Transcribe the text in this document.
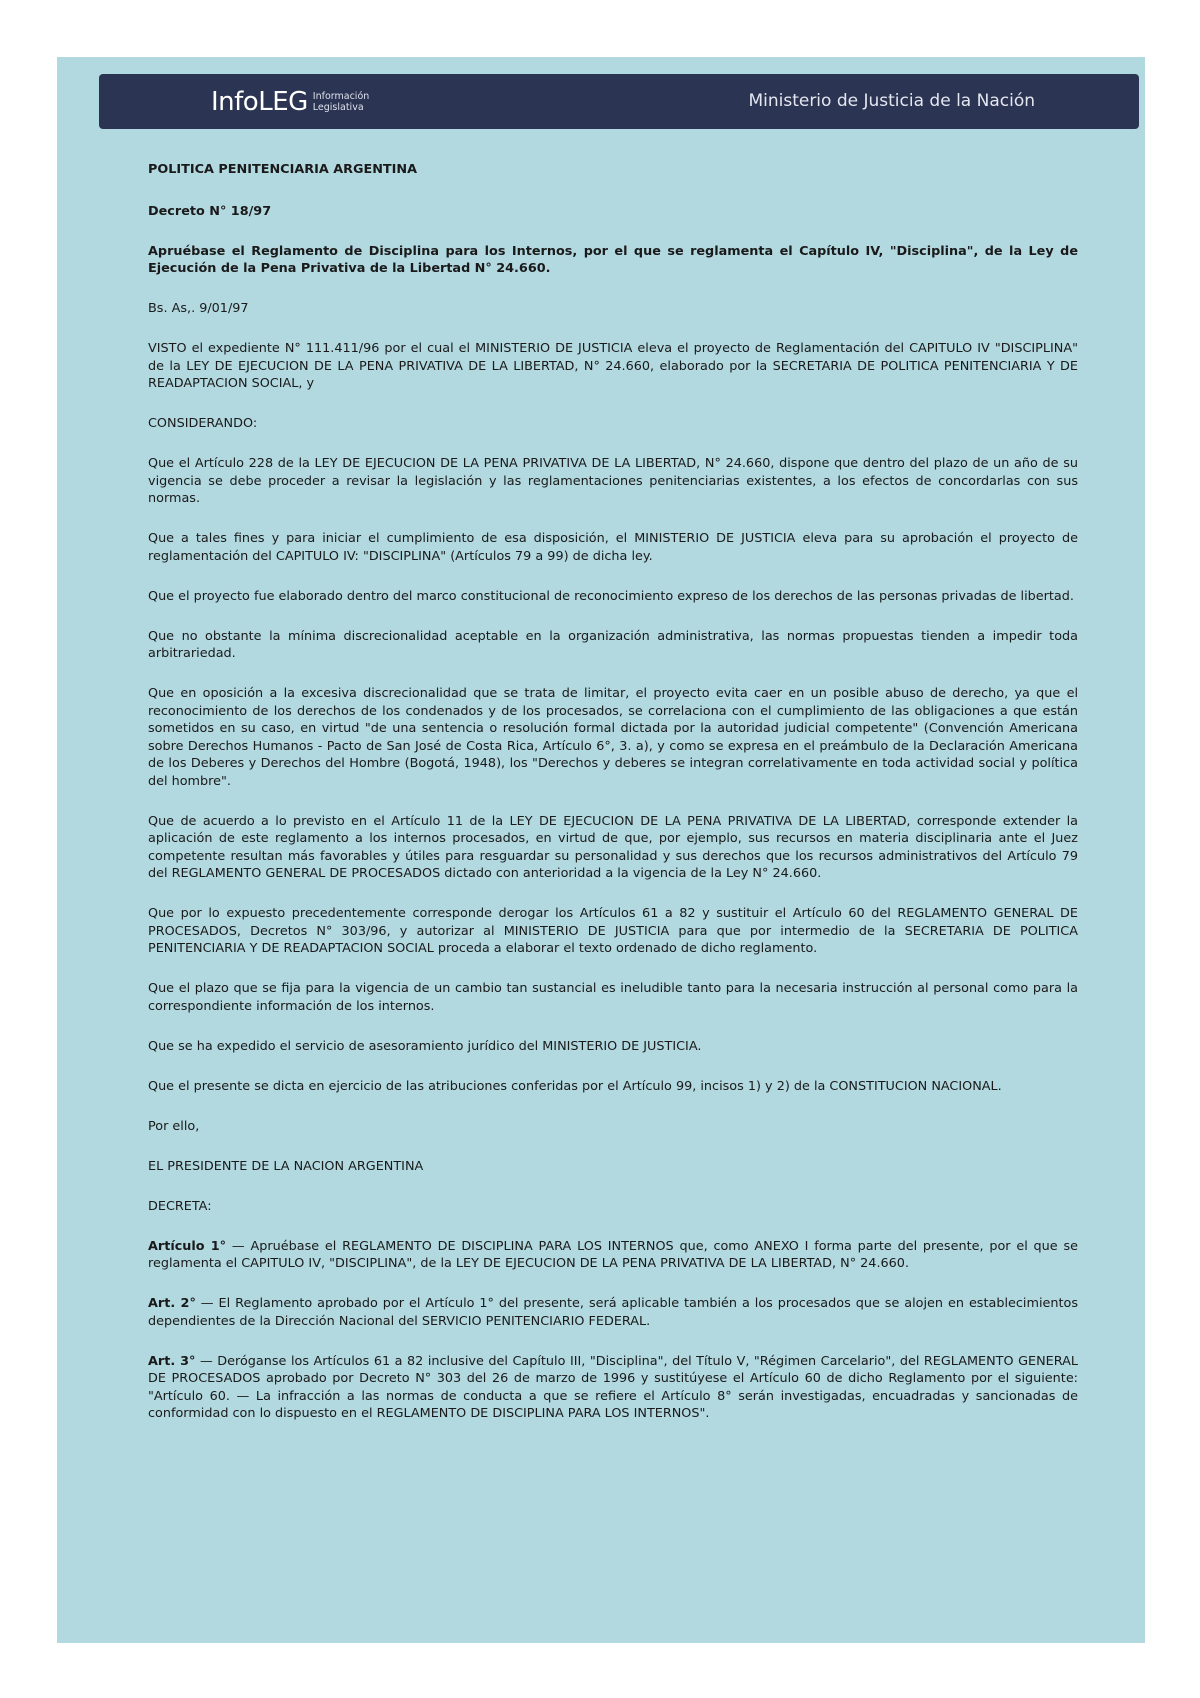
InfoLEG Información
Legislativa	Ministerio de Justicia de la Nación

POLITICA PENITENCIARIA ARGENTINA

Decreto N° 18/97

Apruébase el Reglamento de Disciplina para los Internos, por el que se reglamenta el Capítulo IV, "Disciplina", de la Ley de Ejecución de la Pena Privativa de la Libertad N° 24.660.

Bs. As,. 9/01/97

VISTO el expediente N° 111.411/96 por el cual el MINISTERIO DE JUSTICIA eleva el proyecto de Reglamentación del CAPITULO IV "DISCIPLINA" de la LEY DE EJECUCION DE LA PENA PRIVATIVA DE LA LIBERTAD, N° 24.660, elaborado por la SECRETARIA DE POLITICA PENITENCIARIA Y DE READAPTACION SOCIAL, y

CONSIDERANDO:

Que el Artículo 228 de la LEY DE EJECUCION DE LA PENA PRIVATIVA DE LA LIBERTAD, N° 24.660, dispone que dentro del plazo de un año de su vigencia se debe proceder a revisar la legislación y las reglamentaciones penitenciarias existentes, a los efectos de concordarlas con sus normas.

Que a tales fines y para iniciar el cumplimiento de esa disposición, el MINISTERIO DE JUSTICIA eleva para su aprobación el proyecto de reglamentación del CAPITULO IV: "DISCIPLINA" (Artículos 79 a 99) de dicha ley.

Que el proyecto fue elaborado dentro del marco constitucional de reconocimiento expreso de los derechos de las personas privadas de libertad.

Que no obstante la mínima discrecionalidad aceptable en la organización administrativa, las normas propuestas tienden a impedir toda arbitrariedad.

Que en oposición a la excesiva discrecionalidad que se trata de limitar, el proyecto evita caer en un posible abuso de derecho, ya que el reconocimiento de los derechos de los condenados y de los procesados, se correlaciona con el cumplimiento de las obligaciones a que están sometidos en su caso, en virtud "de una sentencia o resolución formal dictada por la autoridad judicial competente" (Convención Americana sobre Derechos Humanos - Pacto de San José de Costa Rica, Artículo 6°, 3. a), y como se expresa en el preámbulo de la Declaración Americana de los Deberes y Derechos del Hombre (Bogotá, 1948), los "Derechos y deberes se integran correlativamente en toda actividad social y política del hombre".

Que de acuerdo a lo previsto en el Artículo 11 de la LEY DE EJECUCION DE LA PENA PRIVATIVA DE LA LIBERTAD, corresponde extender la aplicación de este reglamento a los internos procesados, en virtud de que, por ejemplo, sus recursos en materia disciplinaria ante el Juez competente resultan más favorables y útiles para resguardar su personalidad y sus derechos que los recursos administrativos del Artículo 79 del REGLAMENTO GENERAL DE PROCESADOS dictado con anterioridad a la vigencia de la Ley N° 24.660.

Que por lo expuesto precedentemente corresponde derogar los Artículos 61 a 82 y sustituir el Artículo 60 del REGLAMENTO GENERAL DE PROCESADOS, Decretos N° 303/96, y autorizar al MINISTERIO DE JUSTICIA para que por intermedio de la SECRETARIA DE POLITICA PENITENCIARIA Y DE READAPTACION SOCIAL proceda a elaborar el texto ordenado de dicho reglamento.

Que el plazo que se fija para la vigencia de un cambio tan sustancial es ineludible tanto para la necesaria instrucción al personal como para la correspondiente información de los internos.

Que se ha expedido el servicio de asesoramiento jurídico del MINISTERIO DE JUSTICIA.

Que el presente se dicta en ejercicio de las atribuciones conferidas por el Artículo 99, incisos 1) y 2) de la CONSTITUCION NACIONAL.

Por ello,

EL PRESIDENTE DE LA NACION ARGENTINA

DECRETA:

Artículo 1° — Apruébase el REGLAMENTO DE DISCIPLINA PARA LOS INTERNOS que, como ANEXO I forma parte del presente, por el que se reglamenta el CAPITULO IV, "DISCIPLINA", de la LEY DE EJECUCION DE LA PENA PRIVATIVA DE LA LIBERTAD, N° 24.660.

Art. 2° — El Reglamento aprobado por el Artículo 1° del presente, será aplicable también a los procesados que se alojen en establecimientos dependientes de la Dirección Nacional del SERVICIO PENITENCIARIO FEDERAL.

Art. 3° — Deróganse los Artículos 61 a 82 inclusive del Capítulo III, "Disciplina", del Título V, "Régimen Carcelario", del REGLAMENTO GENERAL DE PROCESADOS aprobado por Decreto N° 303 del 26 de marzo de 1996 y sustitúyese el Artículo 60 de dicho Reglamento por el siguiente: "Artículo 60. — La infracción a las normas de conducta a que se refiere el Artículo 8° serán investigadas, encuadradas y sancionadas de conformidad con lo dispuesto en el REGLAMENTO DE DISCIPLINA PARA LOS INTERNOS".
